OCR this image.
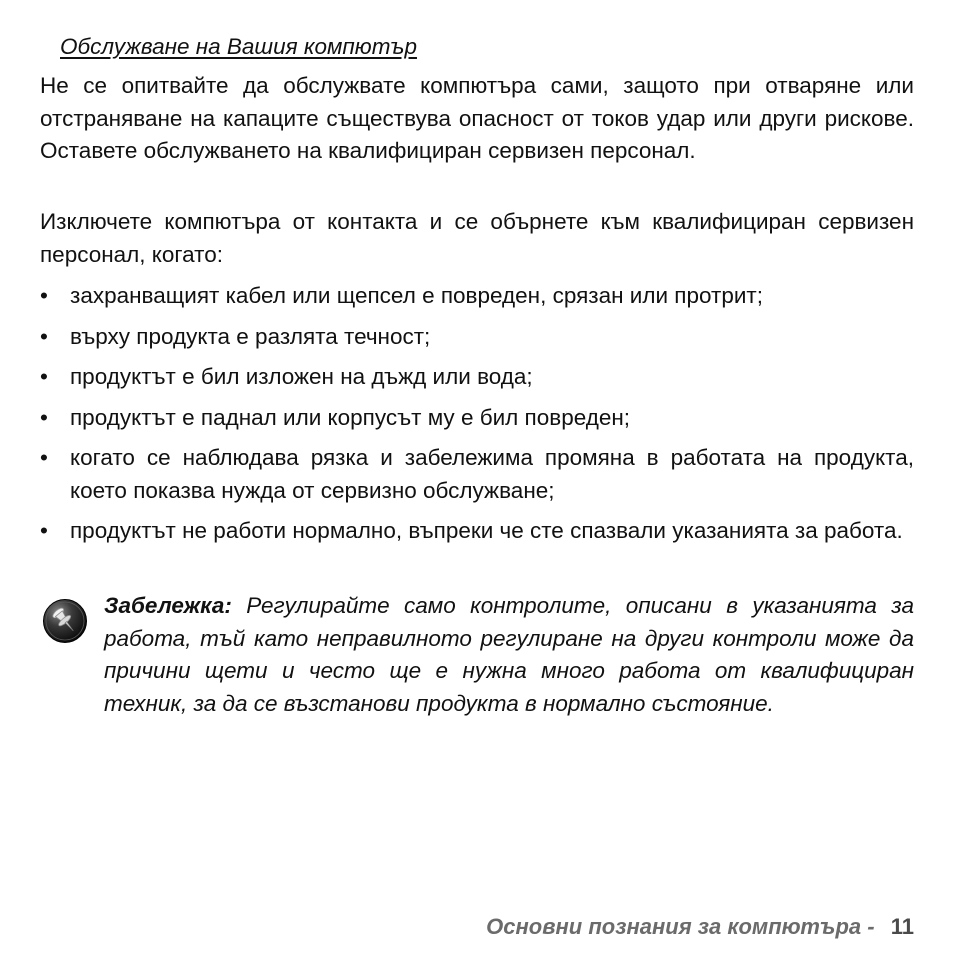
Обслужване на Вашия компютър
Не се опитвайте да обслужвате компютъра сами, защото при отваряне или отстраняване на капаците съществува опасност от токов удар или други рискове. Оставете обслужването на квалифициран сервизен персонал.
Изключете компютъра от контакта и се обърнете към квалифициран сервизен персонал, когато:
• захранващият кабел или щепсел е повреден, срязан или протрит;
• върху продукта е разлята течност;
• продуктът е бил изложен на дъжд или вода;
• продуктът е паднал или корпусът му е бил повреден;
• когато се наблюдава рязка и забележима промяна в работата на продукта, което показва нужда от сервизно обслужване;
• продуктът не работи нормално, въпреки че сте спазвали указанията за работа.
Забележка: Регулирайте само контролите, описани в указанията за работа, тъй като неправилното регулиране на други контроли може да причини щети и често ще е нужна много работа от квалифициран техник, за да се възстанови продукта в нормално състояние.
Основни познания за компютъра - 11
